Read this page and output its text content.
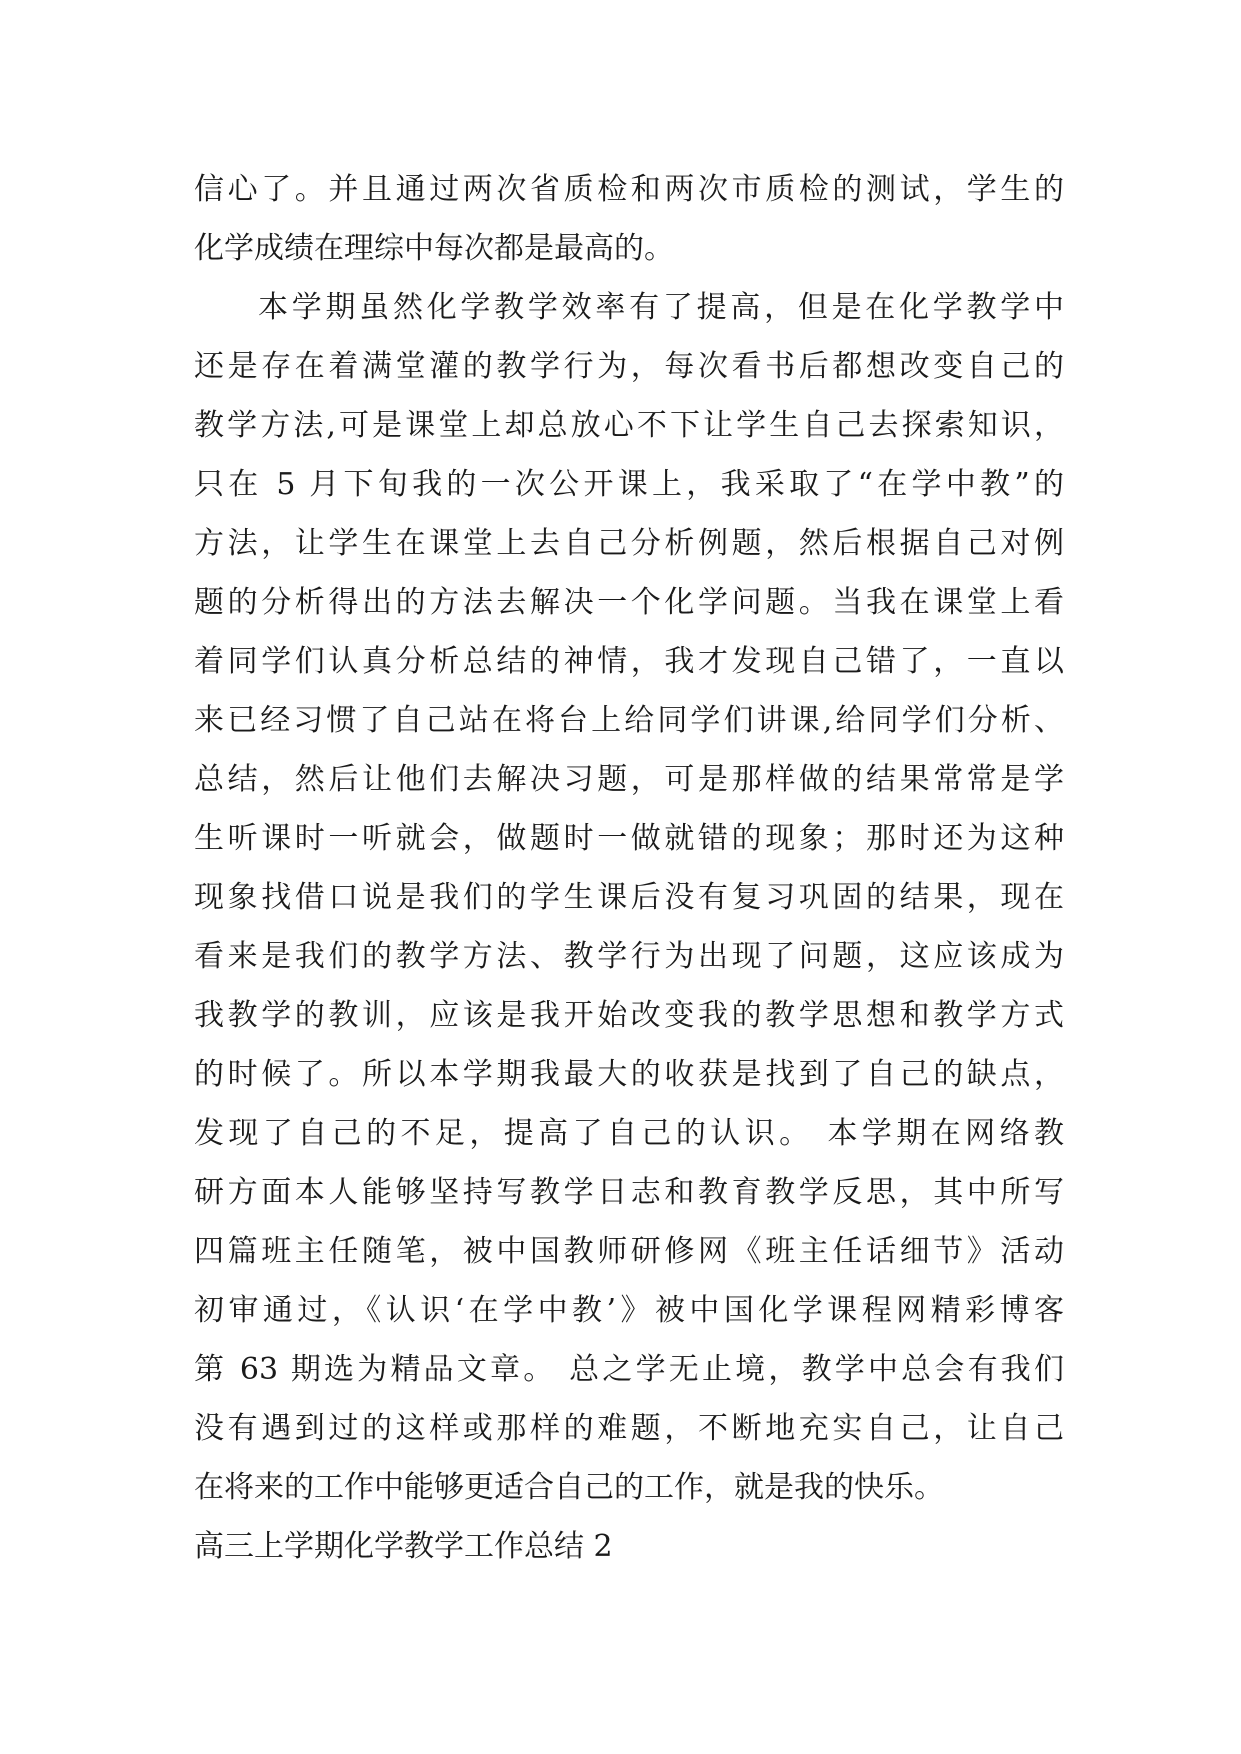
信心了。并且通过两次省质检和两次市质检的测试，学生的
化学成绩在理综中每次都是最高的。
本学期虽然化学教学效率有了提高，但是在化学教学中
还是存在着满堂灌的教学行为，每次看书后都想改变自己的
教学方法,可是课堂上却总放心不下让学生自己去探索知识，
只在 5 月下旬我的一次公开课上，我采取了“在学中教”的
方法，让学生在课堂上去自己分析例题，然后根据自己对例
题的分析得出的方法去解决一个化学问题。当我在课堂上看
着同学们认真分析总结的神情，我才发现自己错了，一直以
来已经习惯了自己站在将台上给同学们讲课,给同学们分析、
总结，然后让他们去解决习题，可是那样做的结果常常是学
生听课时一听就会，做题时一做就错的现象；那时还为这种
现象找借口说是我们的学生课后没有复习巩固的结果，现在
看来是我们的教学方法、教学行为出现了问题，这应该成为
我教学的教训，应该是我开始改变我的教学思想和教学方式
的时候了。所以本学期我最大的收获是找到了自己的缺点，
发现了自己的不足，提高了自己的认识。 本学期在网络教
研方面本人能够坚持写教学日志和教育教学反思，其中所写
四篇班主任随笔，被中国教师研修网《班主任话细节》活动
初审通过，《认识‘在学中教’》被中国化学课程网精彩博客
第 63 期选为精品文章。 总之学无止境，教学中总会有我们
没有遇到过的这样或那样的难题，不断地充实自己，让自己
在将来的工作中能够更适合自己的工作，就是我的快乐。
高三上学期化学教学工作总结 2
